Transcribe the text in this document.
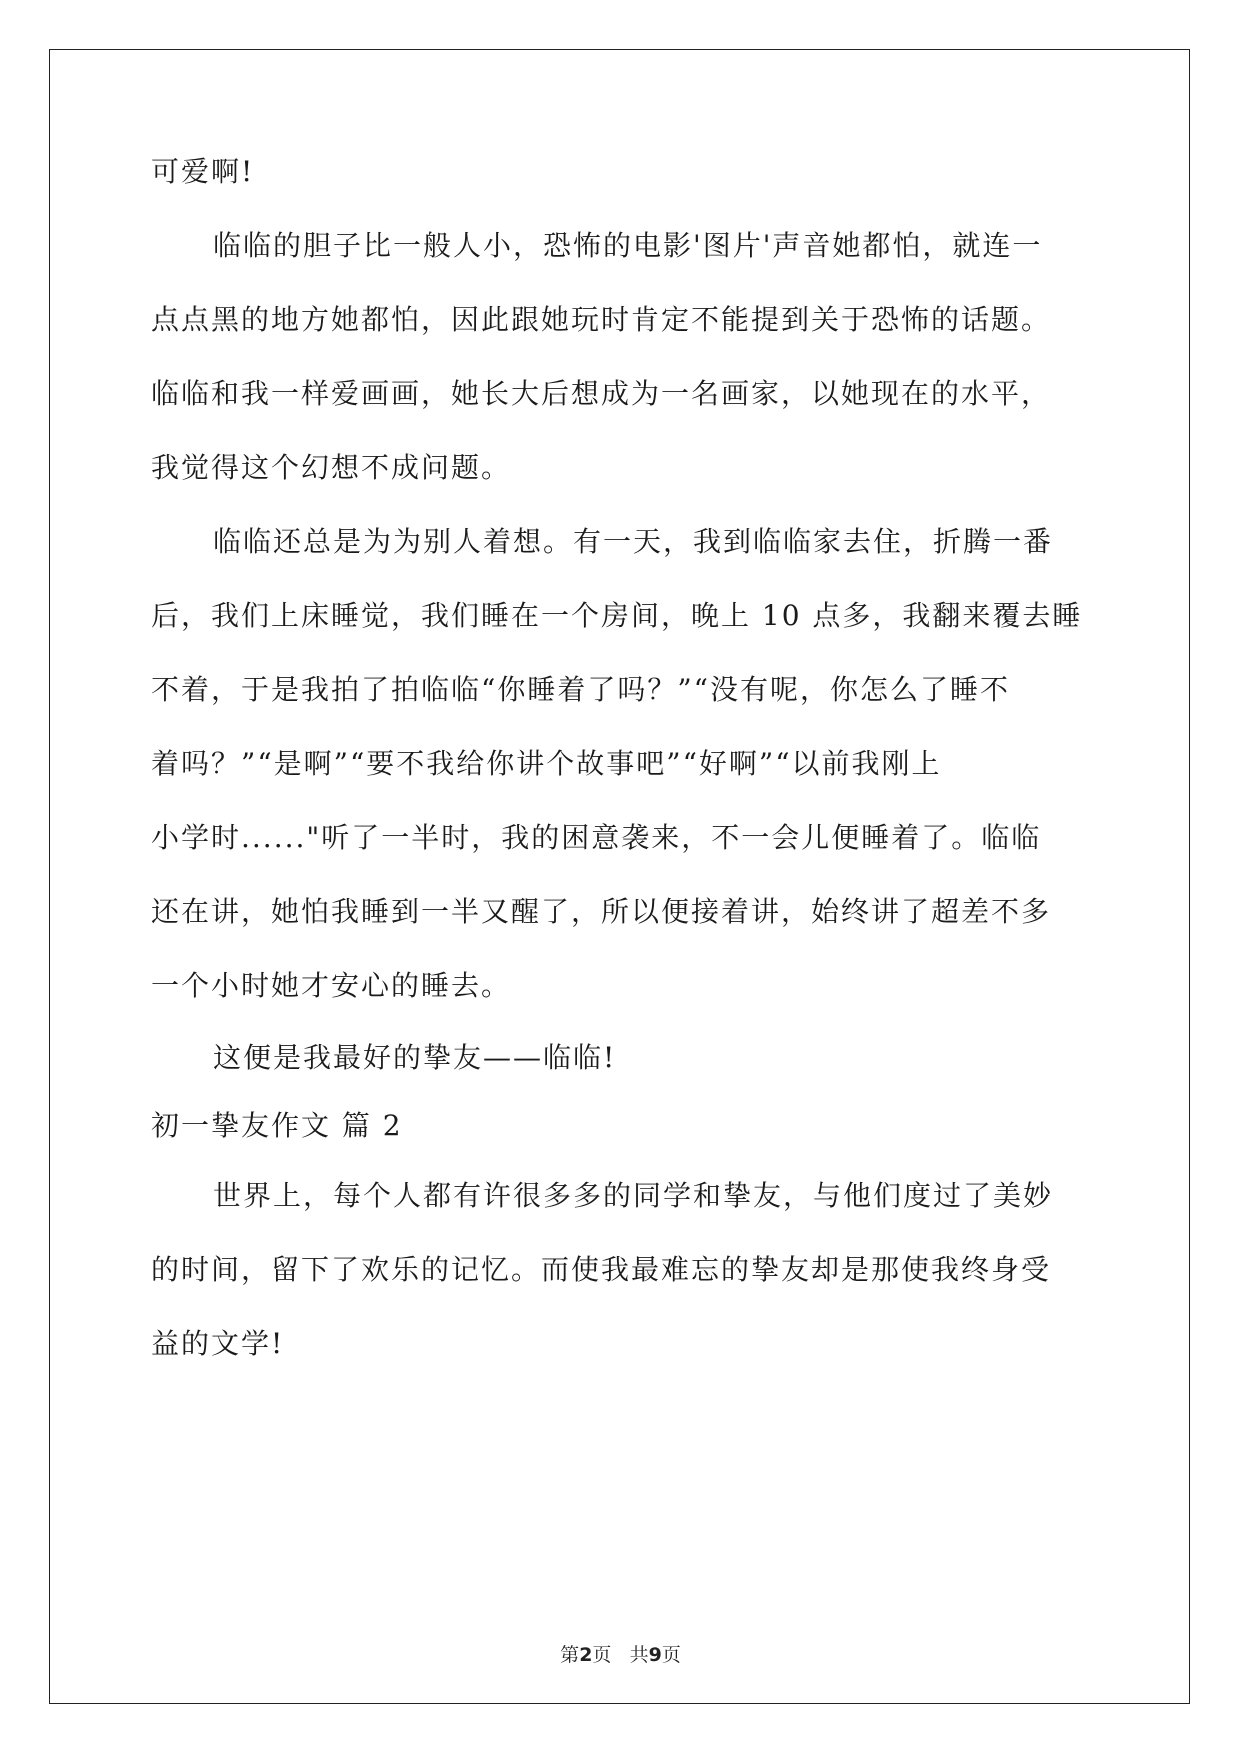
可爱啊!
临临的胆子比一般人小，恐怖的电影'图片'声音她都怕，就连一
点点黑的地方她都怕，因此跟她玩时肯定不能提到关于恐怖的话题。
临临和我一样爱画画，她长大后想成为一名画家，以她现在的水平，
我觉得这个幻想不成问题。
临临还总是为为别人着想。有一天，我到临临家去住，折腾一番
后，我们上床睡觉，我们睡在一个房间，晚上 10 点多，我翻来覆去睡
不着，于是我拍了拍临临“你睡着了吗？”“没有呢，你怎么了睡不
着吗？”“是啊”“要不我给你讲个故事吧”“好啊”“以前我刚上
小学时......"听了一半时，我的困意袭来，不一会儿便睡着了。临临
还在讲，她怕我睡到一半又醒了，所以便接着讲，始终讲了超差不多
一个小时她才安心的睡去。
这便是我最好的挚友——临临!
初一挚友作文 篇 2
世界上，每个人都有许很多多的同学和挚友，与他们度过了美妙
的时间，留下了欢乐的记忆。而使我最难忘的挚友却是那使我终身受
益的文学!
第2页 共9页
